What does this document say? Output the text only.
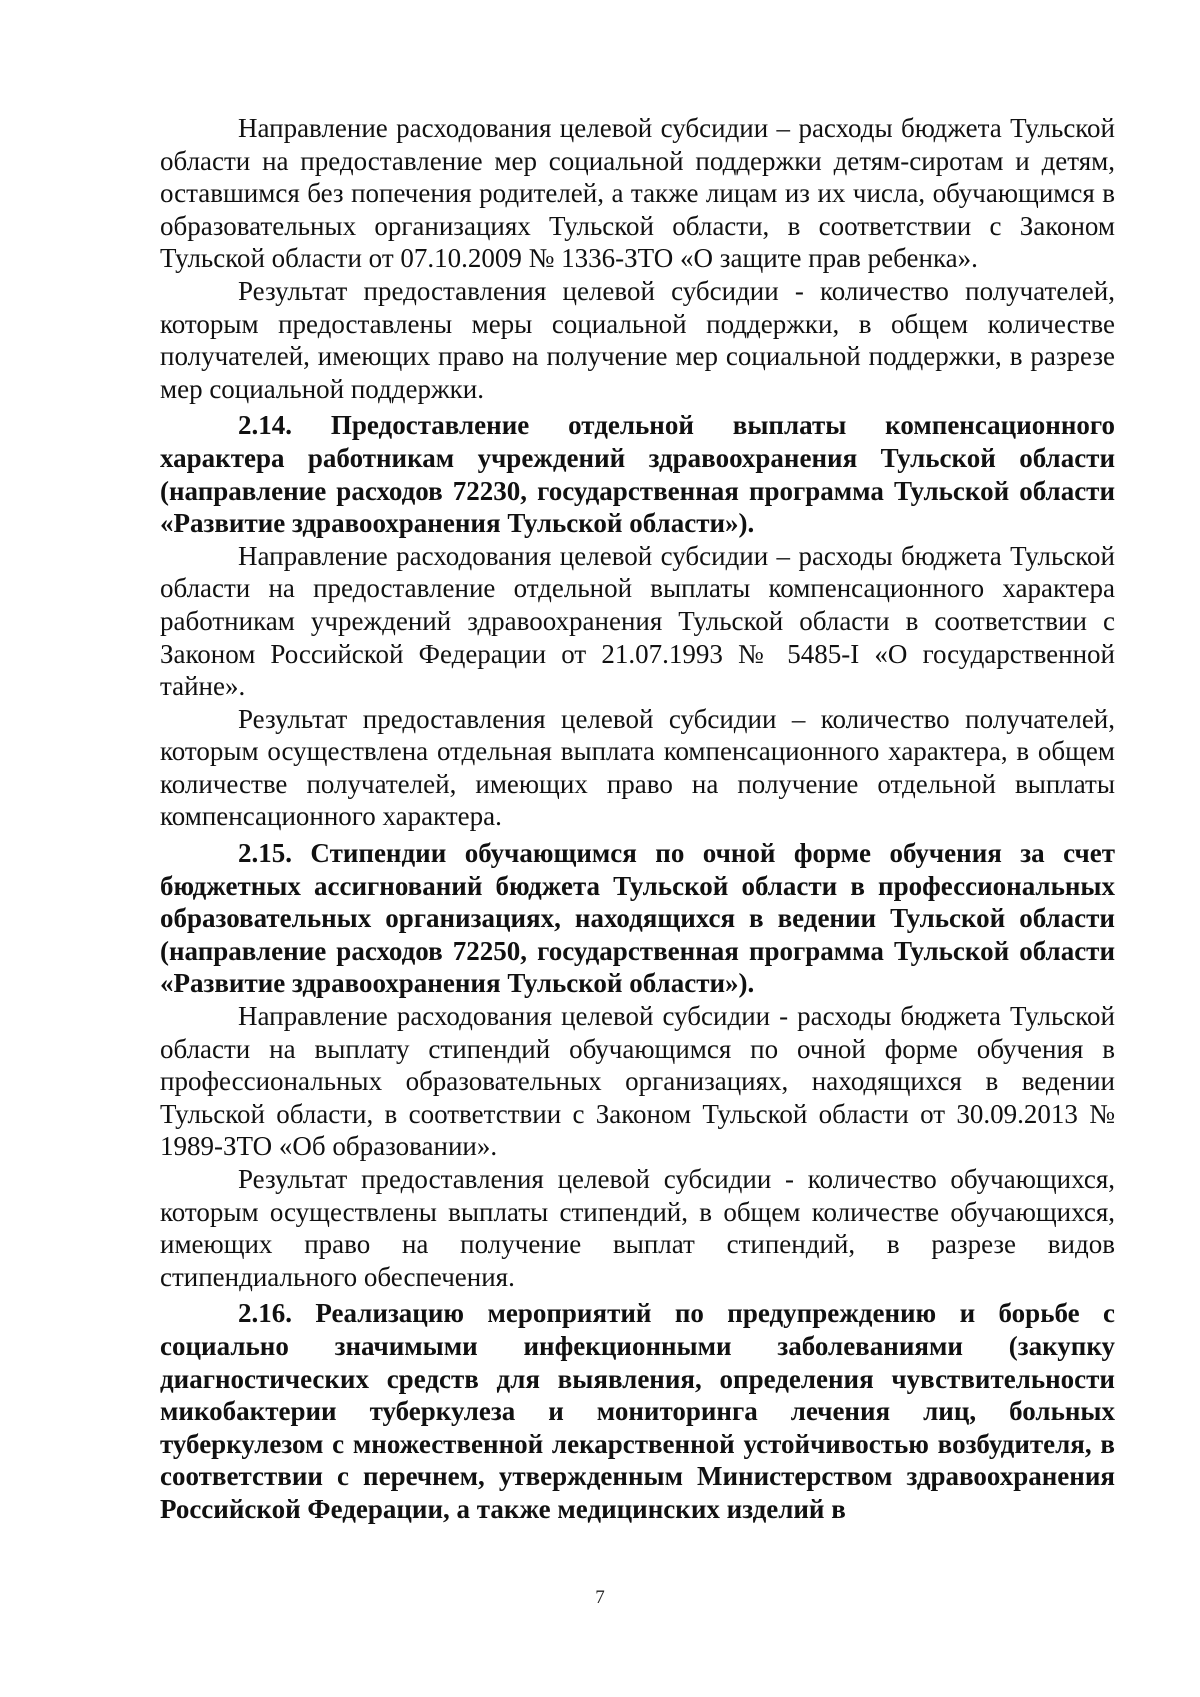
Направление расходования целевой субсидии – расходы бюджета Тульской области на предоставление мер социальной поддержки детям-сиротам и детям, оставшимся без попечения родителей, а также лицам из их числа, обучающимся в образовательных организациях Тульской области, в соответствии с Законом Тульской области от 07.10.2009 № 1336-ЗТО «О защите прав ребенка».

Результат предоставления целевой субсидии - количество получателей, которым предоставлены меры социальной поддержки, в общем количестве получателей, имеющих право на получение мер социальной поддержки, в разрезе мер социальной поддержки.

2.14. Предоставление отдельной выплаты компенсационного характера работникам учреждений здравоохранения Тульской области (направление расходов 72230, государственная программа Тульской области «Развитие здравоохранения Тульской области»).

Направление расходования целевой субсидии – расходы бюджета Тульской области на предоставление отдельной выплаты компенсационного характера работникам учреждений здравоохранения Тульской области в соответствии с Законом Российской Федерации от 21.07.1993 № 5485-I «О государственной тайне».

Результат предоставления целевой субсидии – количество получателей, которым осуществлена отдельная выплата компенсационного характера, в общем количестве получателей, имеющих право на получение отдельной выплаты компенсационного характера.

2.15. Стипендии обучающимся по очной форме обучения за счет бюджетных ассигнований бюджета Тульской области в профессиональных образовательных организациях, находящихся в ведении Тульской области (направление расходов 72250, государственная программа Тульской области «Развитие здравоохранения Тульской области»).

Направление расходования целевой субсидии - расходы бюджета Тульской области на выплату стипендий обучающимся по очной форме обучения в профессиональных образовательных организациях, находящихся в ведении Тульской области, в соответствии с Законом Тульской области от 30.09.2013 № 1989-ЗТО «Об образовании».

Результат предоставления целевой субсидии - количество обучающихся, которым осуществлены выплаты стипендий, в общем количестве обучающихся, имеющих право на получение выплат стипендий, в разрезе видов стипендиального обеспечения.

2.16. Реализацию мероприятий по предупреждению и борьбе с социально значимыми инфекционными заболеваниями (закупку диагностических средств для выявления, определения чувствительности микобактерии туберкулеза и мониторинга лечения лиц, больных туберкулезом с множественной лекарственной устойчивостью возбудителя, в соответствии с перечнем, утвержденным Министерством здравоохранения Российской Федерации, а также медицинских изделий в

7
